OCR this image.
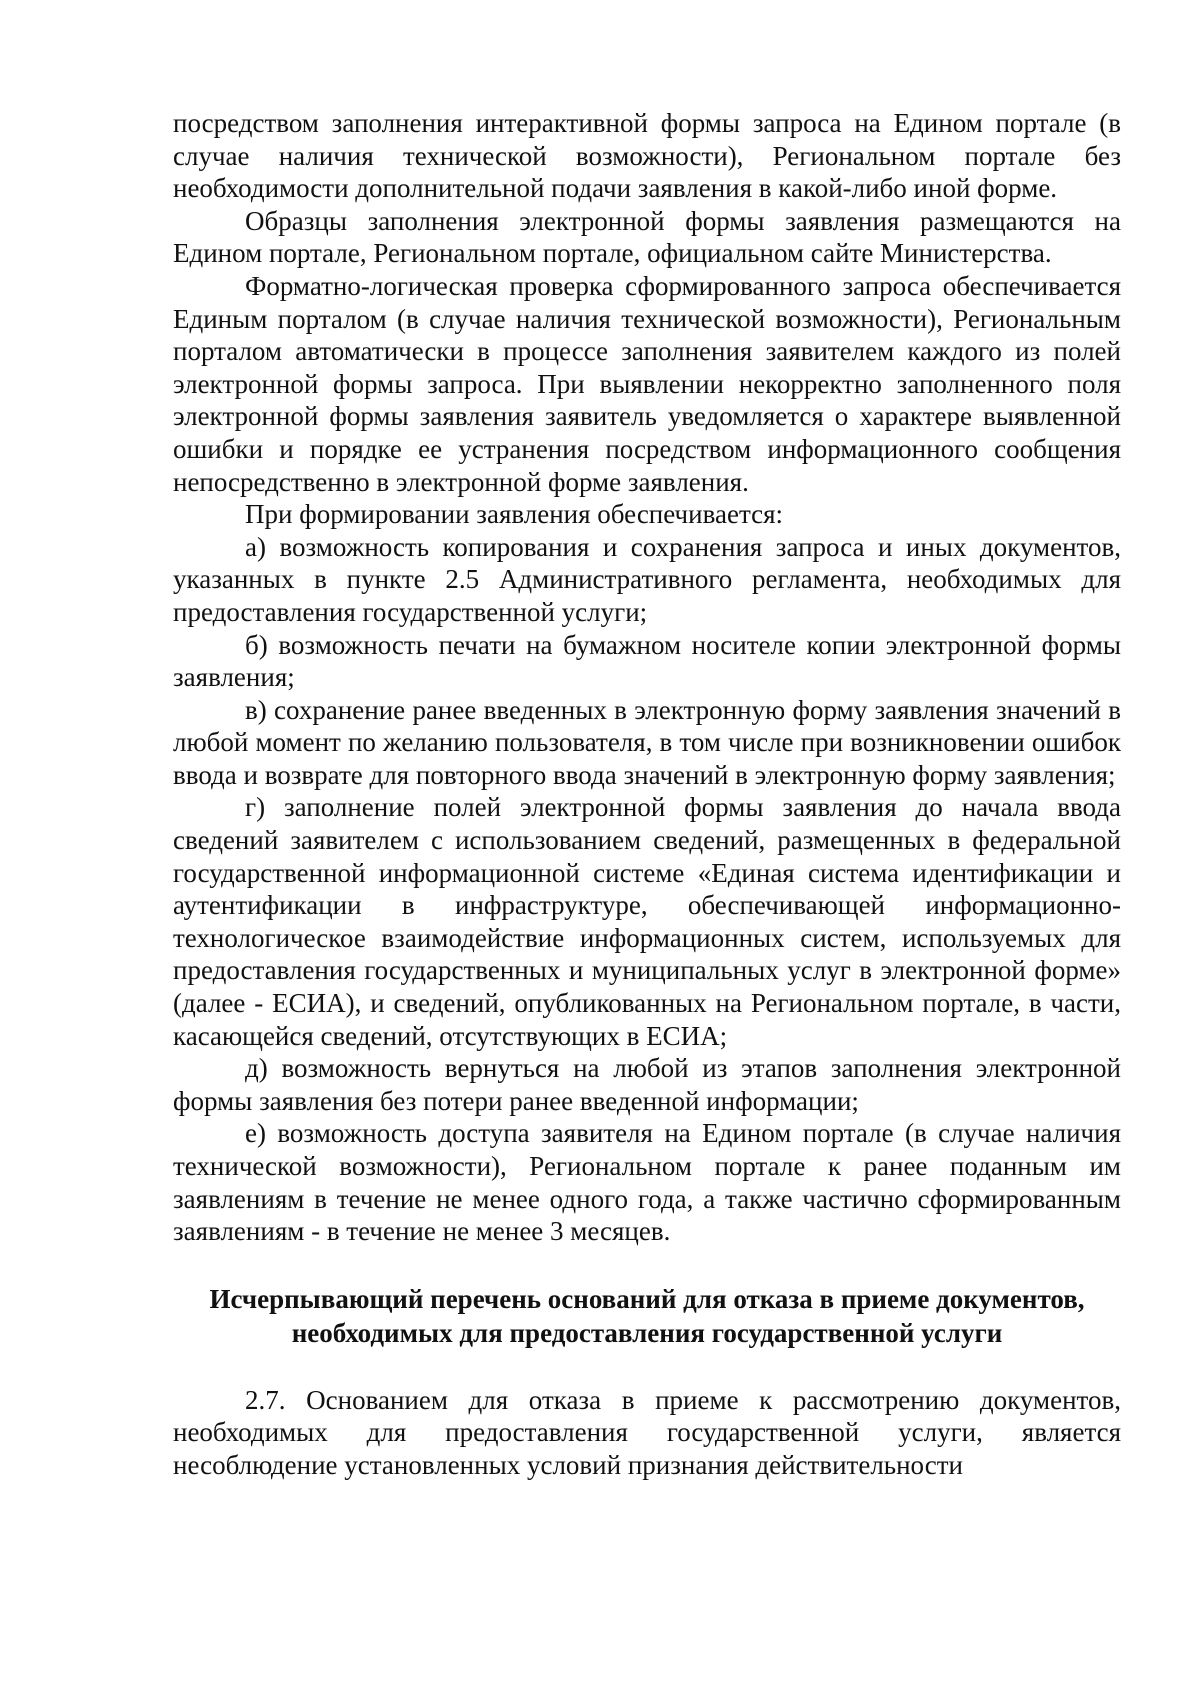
посредством заполнения интерактивной формы запроса на Едином портале (в случае наличия технической возможности), Региональном портале без необходимости дополнительной подачи заявления в какой-либо иной форме.

Образцы заполнения электронной формы заявления размещаются на Едином портале, Региональном портале, официальном сайте Министерства.

Форматно-логическая проверка сформированного запроса обеспечивается Единым порталом (в случае наличия технической возможности), Региональным порталом автоматически в процессе заполнения заявителем каждого из полей электронной формы запроса. При выявлении некорректно заполненного поля электронной формы заявления заявитель уведомляется о характере выявленной ошибки и порядке ее устранения посредством информационного сообщения непосредственно в электронной форме заявления.

При формировании заявления обеспечивается:

а) возможность копирования и сохранения запроса и иных документов, указанных в пункте 2.5 Административного регламента, необходимых для предоставления государственной услуги;

б) возможность печати на бумажном носителе копии электронной формы заявления;

в) сохранение ранее введенных в электронную форму заявления значений в любой момент по желанию пользователя, в том числе при возникновении ошибок ввода и возврате для повторного ввода значений в электронную форму заявления;

г) заполнение полей электронной формы заявления до начала ввода сведений заявителем с использованием сведений, размещенных в федеральной государственной информационной системе «Единая система идентификации и аутентификации в инфраструктуре, обеспечивающей информационно-технологическое взаимодействие информационных систем, используемых для предоставления государственных и муниципальных услуг в электронной форме» (далее - ЕСИА), и сведений, опубликованных на Региональном портале, в части, касающейся сведений, отсутствующих в ЕСИА;

д) возможность вернуться на любой из этапов заполнения электронной формы заявления без потери ранее введенной информации;

е) возможность доступа заявителя на Едином портале (в случае наличия технической возможности), Региональном портале к ранее поданным им заявлениям в течение не менее одного года, а также частично сформированным заявлениям - в течение не менее 3 месяцев.

Исчерпывающий перечень оснований для отказа в приеме документов, необходимых для предоставления государственной услуги

2.7. Основанием для отказа в приеме к рассмотрению документов, необходимых для предоставления государственной услуги, является несоблюдение установленных условий признания действительности
